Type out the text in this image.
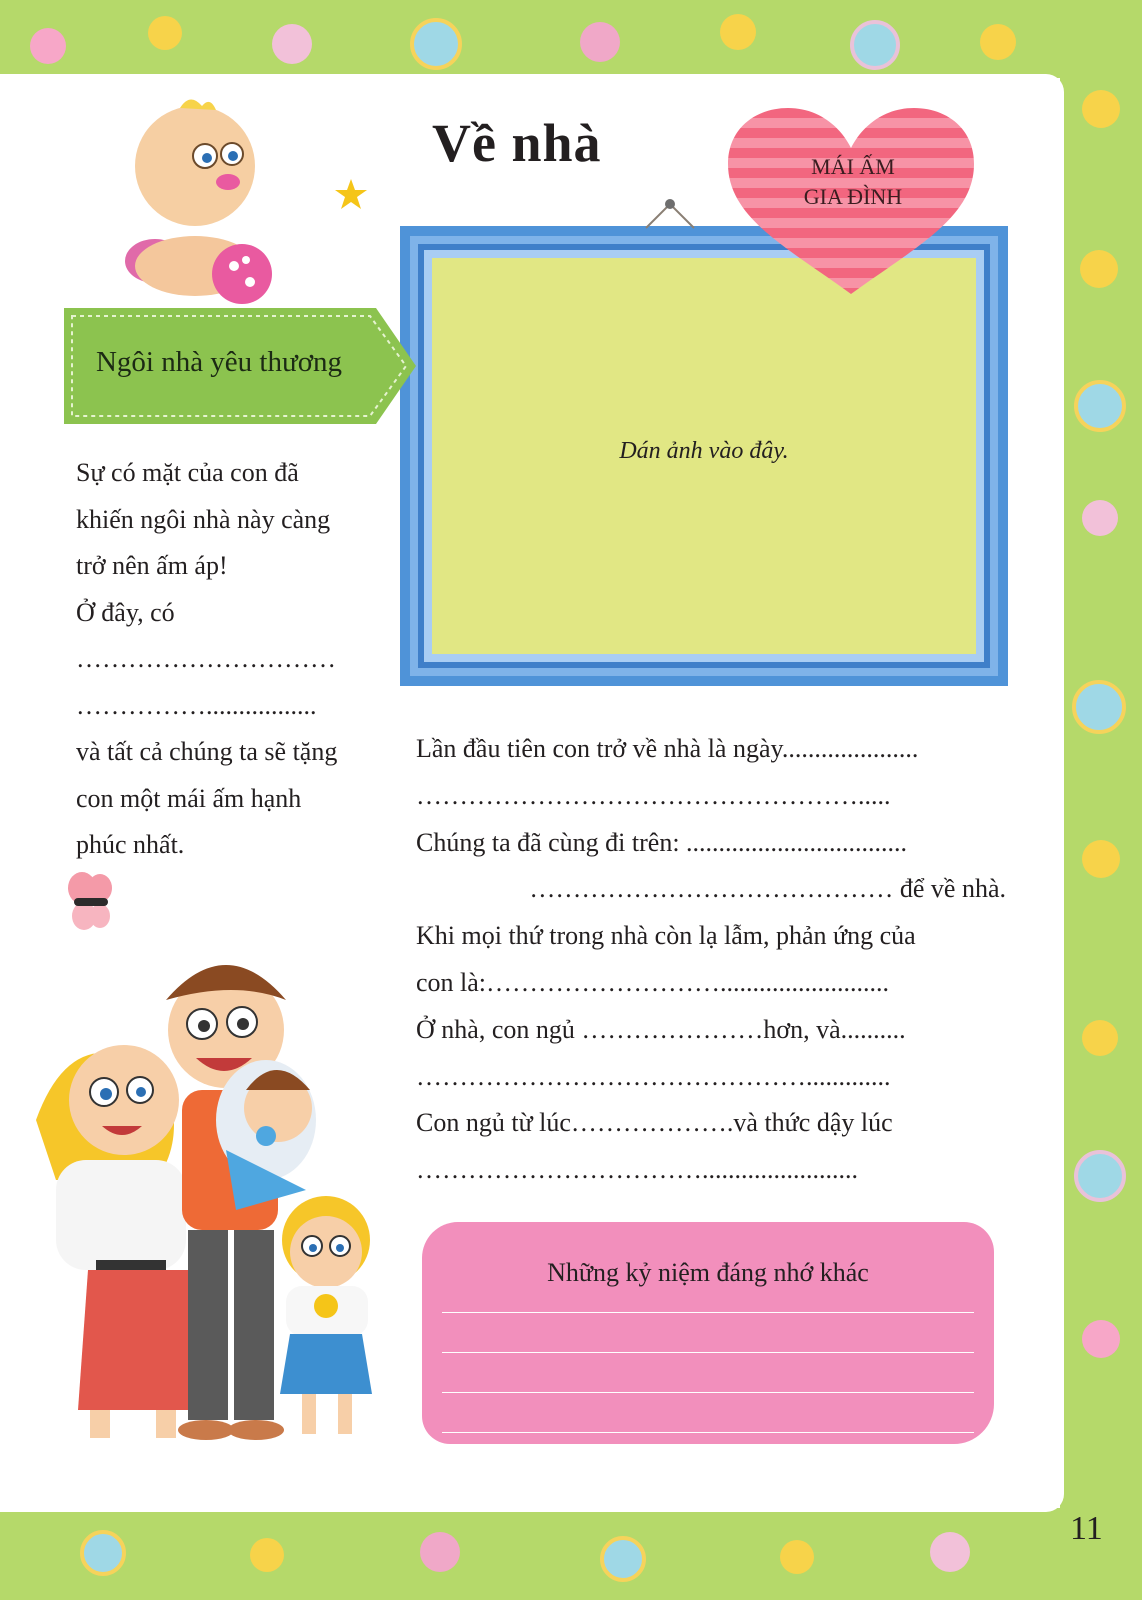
Về nhà
Dán ảnh vào đây.
MÁI ẤM
GIA ĐÌNH
Ngôi nhà yêu thương
Sự có mặt của con đã
khiến ngôi nhà này càng
trở nên ấm áp!
Ở đây, có
…………………………
…………….................
và tất cả chúng ta sẽ tặng
con một mái ấm hạnh
phúc nhất.
Lần đầu tiên con trở về nhà là ngày.....................
…………………………………………….....
Chúng ta đã cùng đi trên: ..................................
…………………………………… để về nhà.
Khi mọi thứ trong nhà còn lạ lẫm, phản ứng của
con là:………………………..........................
Ở nhà, con ngủ …………………hơn, và..........
……………………………………….............
Con ngủ từ lúc……………….và thức dậy lúc
……………………………........................
Những kỷ niệm đáng nhớ khác
11
